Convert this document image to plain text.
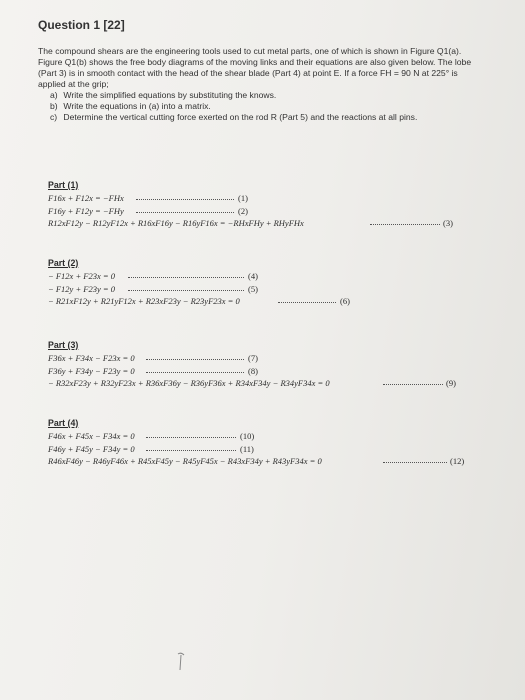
Question 1 [22]

The compound shears are the engineering tools used to cut metal parts, one of which is shown in Figure Q1(a). Figure Q1(b) shows the free body diagrams of the moving links and their equations are also given below. The lobe (Part 3) is in smooth contact with the head of the shear blade (Part 4) at point E. If a force FH = 90 N at 225° is applied at the grip;

a) Write the simplified equations by substituting the knows.
b) Write the equations in (a) into a matrix.
c) Determine the vertical cutting force exerted on the rod R (Part 5) and the reactions at all pins.
Part (1)
F16x + F12x = −FHx	(1)
F16y + F12y = −FHy	(2)
R12xF12y − R12yF12x + R16xF16y − R16yF16x = −RHxFHy + RHyFHx	(3)
Part (2)
− F12x + F23x = 0	(4)
− F12y + F23y = 0	(5)
− R21xF12y + R21yF12x + R23xF23y − R23yF23x = 0	(6)
Part (3)
F36x + F34x − F23x = 0	(7)
F36y + F34y − F23y = 0	(8)
− R32xF23y + R32yF23x + R36xF36y − R36yF36x + R34xF34y − R34yF34x = 0	(9)
Part (4)
F46x + F45x − F34x = 0	(10)
F46y + F45y − F34y = 0	(11)
R46xF46y − R46yF46x + R45xF45y − R45yF45x − R43xF34y + R43yF34x = 0	(12)
